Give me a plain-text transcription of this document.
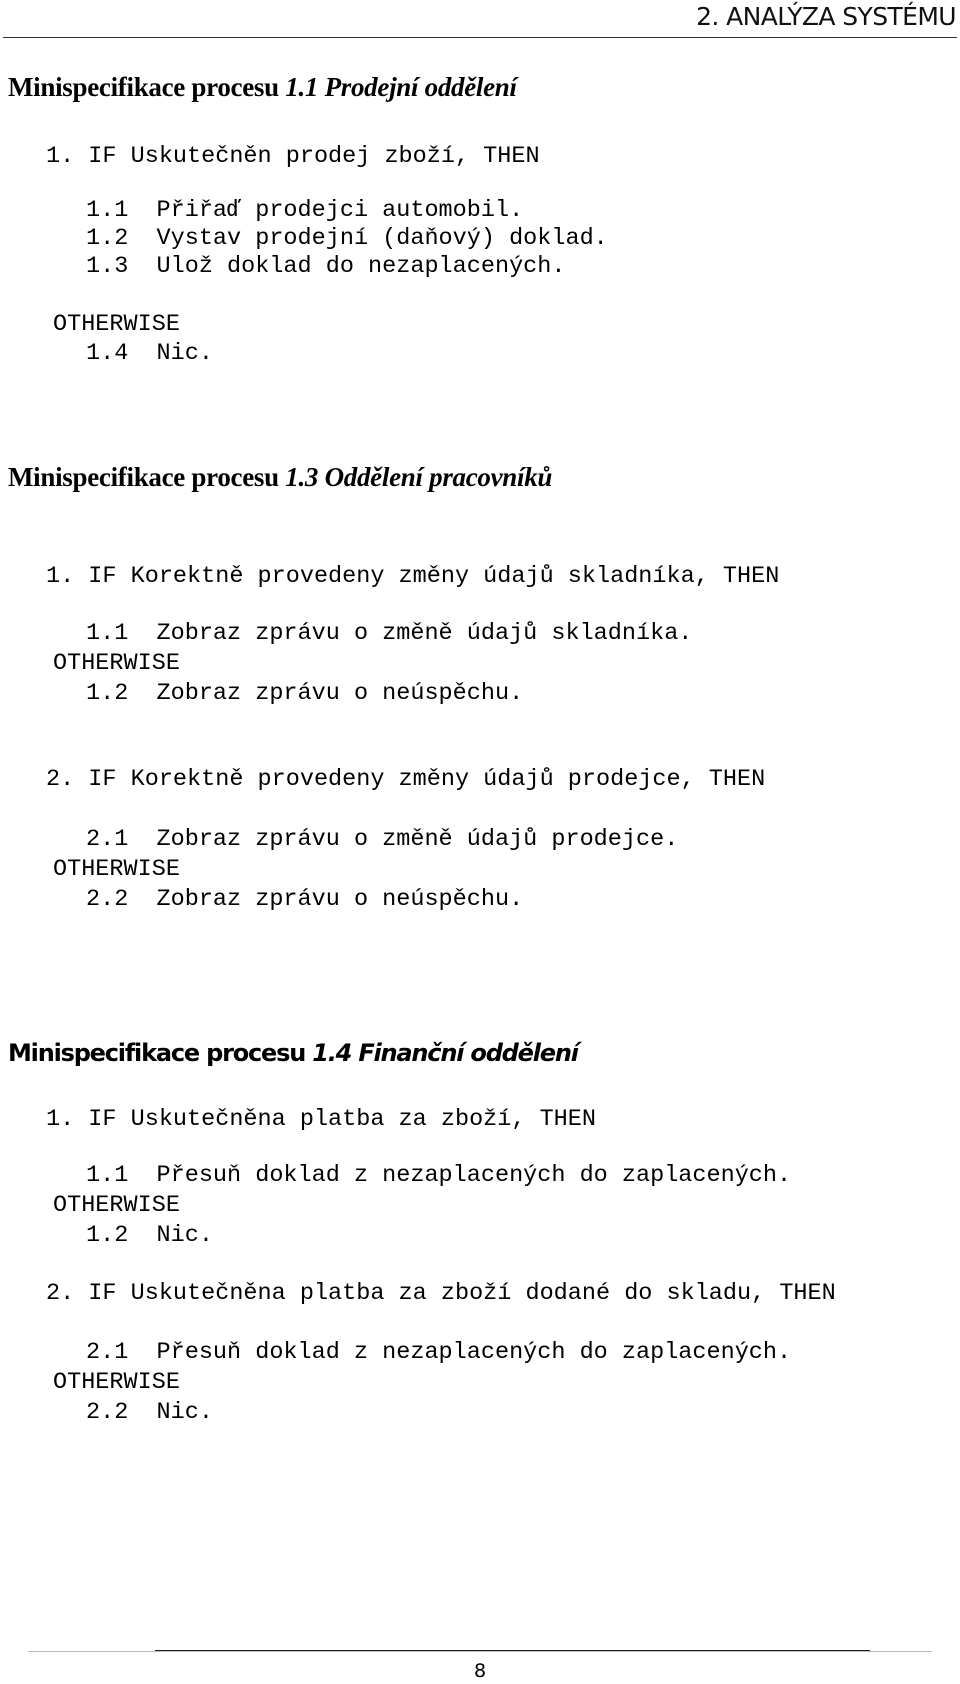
2. ANALÝZA SYSTÉMU
Minispecifikace procesu 1.1 Prodejní oddělení
1. IF Uskutečněn prodej zboží, THEN
1.1  Přiřaď prodejci automobil.
1.2  Vystav prodejní (daňový) doklad.
1.3  Ulož doklad do nezaplacených.
OTHERWISE
1.4  Nic.
Minispecifikace procesu 1.3 Oddělení pracovníků
1. IF Korektně provedeny změny údajů skladníka, THEN
1.1  Zobraz zprávu o změně údajů skladníka.
OTHERWISE
1.2  Zobraz zprávu o neúspěchu.
2. IF Korektně provedeny změny údajů prodejce, THEN
2.1  Zobraz zprávu o změně údajů prodejce.
OTHERWISE
2.2  Zobraz zprávu o neúspěchu.
Minispecifikace procesu 1.4 Finanční oddělení
1. IF Uskutečněna platba za zboží, THEN
1.1  Přesuň doklad z nezaplacených do zaplacených.
OTHERWISE
1.2  Nic.
2. IF Uskutečněna platba za zboží dodané do skladu, THEN
2.1  Přesuň doklad z nezaplacených do zaplacených.
OTHERWISE
2.2  Nic.
8
